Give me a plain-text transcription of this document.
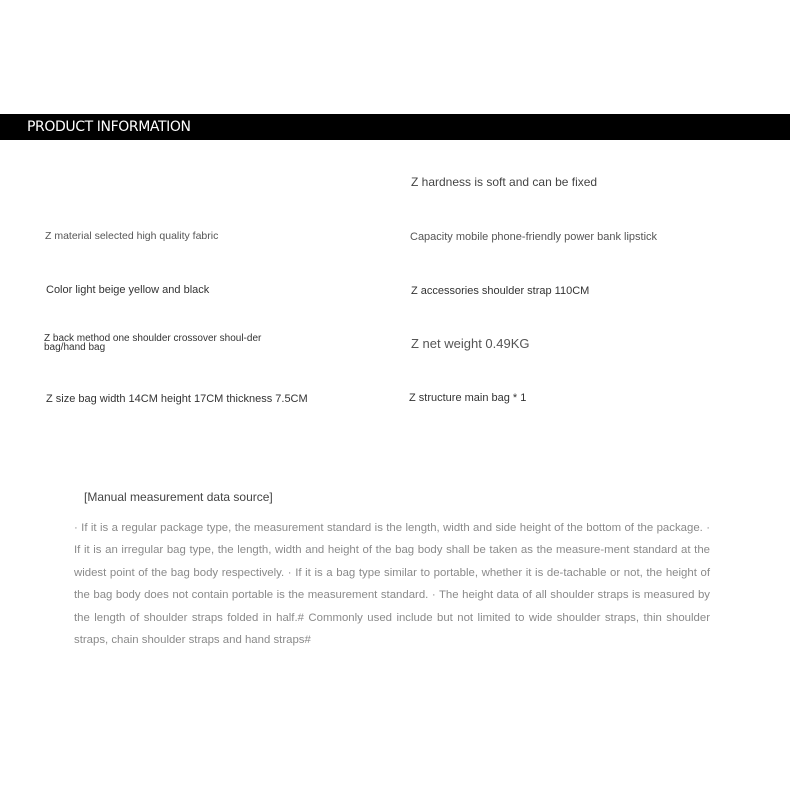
PRODUCT INFORMATION
Z material selected high quality fabric
Color light beige yellow and black
Z back method one shoulder crossover shoul-der bag/hand bag
Z size bag width 14CM height 17CM thickness 7.5CM
Z hardness is soft and can be fixed
Capacity mobile phone-friendly power bank lipstick
Z accessories shoulder strap 110CM
Z net weight 0.49KG
Z structure main bag * 1
[Manual measurement data source]
· If it is a regular package type, the measurement standard is the length, width and side height of the bottom of the package. · If it is an irregular bag type, the length, width and height of the bag body shall be taken as the measure-ment standard at the widest point of the bag body respectively. · If it is a bag type similar to portable, whether it is de-tachable or not, the height of the bag body does not contain portable is the measurement standard. · The height data of all shoulder straps is measured by the length of shoulder straps folded in half.# Commonly used include but not limited to wide shoulder straps, thin shoulder straps, chain shoulder straps and hand straps#
